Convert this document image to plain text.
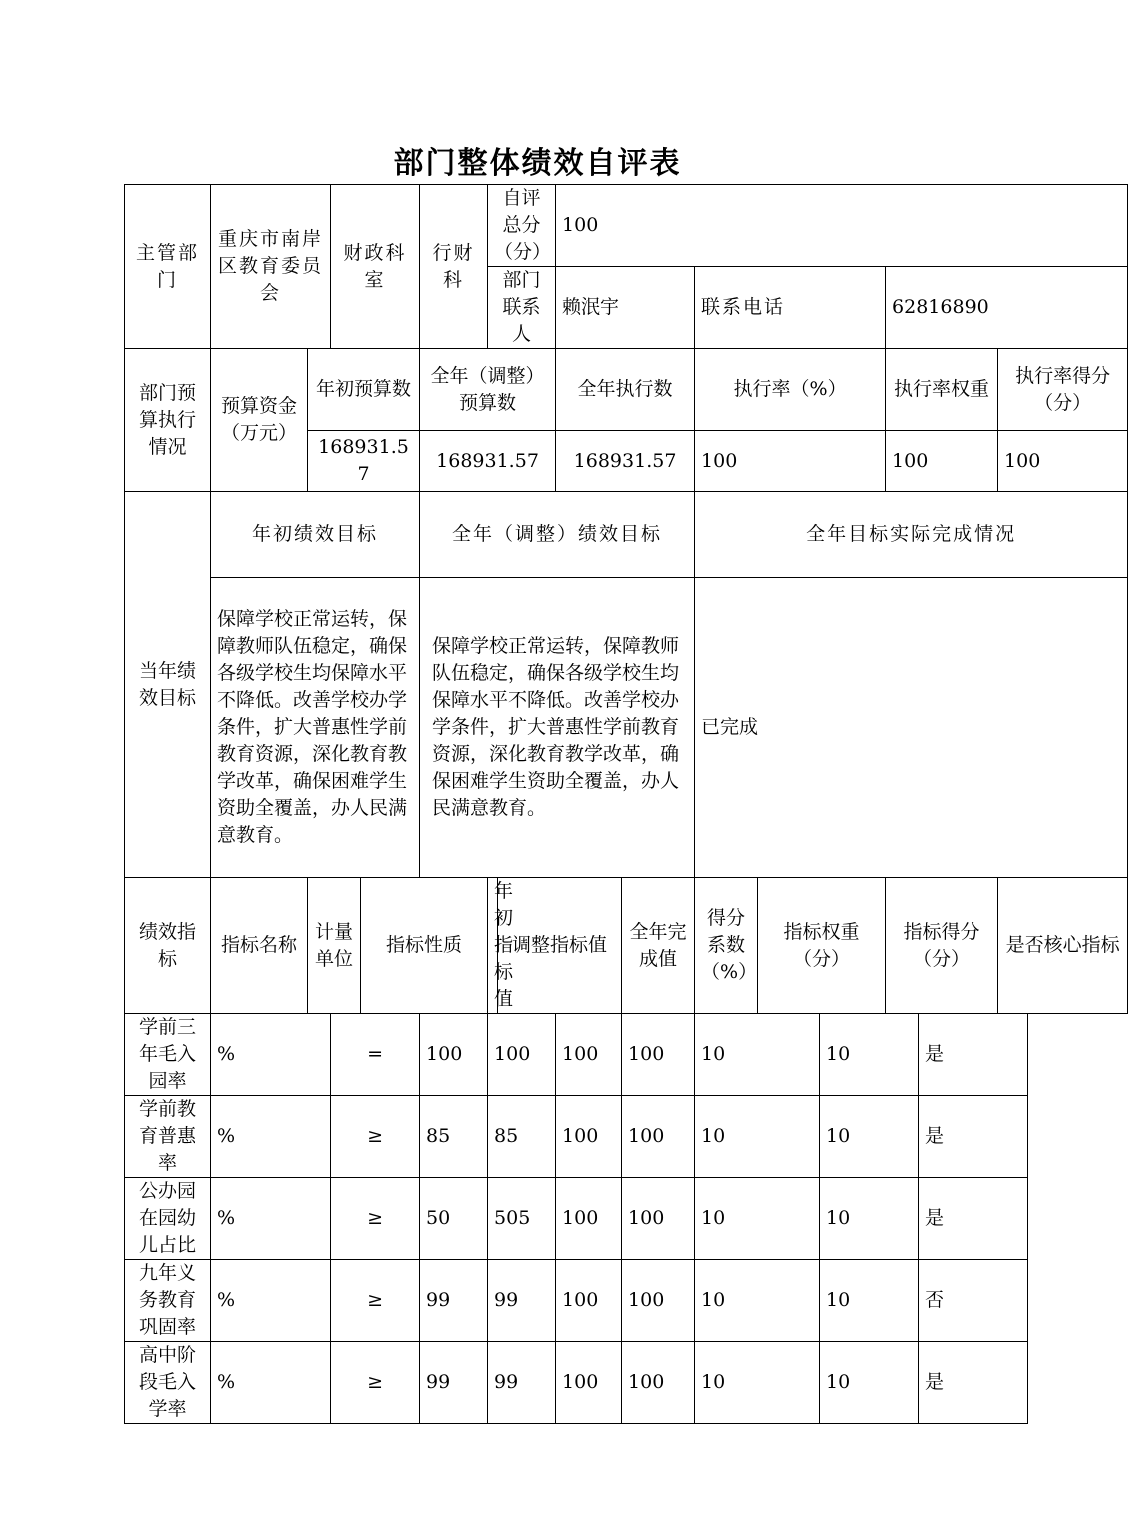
部门整体绩效自评表
主管部门	重庆市南岸区教育委员会		财政科室		行财科	自评总分（分）		100							
						部门联系人		赖泯宇		联系电话			62816890		
部门预算执行情况	预算资金（万元）	年初预算数			全年（调整）预算数			全年执行数		执行率（%）			执行率权重		执行率得分（分）
		168931.57			168931.57			168931.57		100			100		100
当年绩效目标	年初绩效目标				全年（调整）绩效目标					全年目标实际完成情况					
	保障学校正常运转，保障教师队伍稳定，确保各级学校生均保障水平不降低。改善学校办学条件，扩大普惠性学前教育资源，深化教育教学改革，确保困难学生资助全覆盖，办人民满意教育。				保障学校正常运转，保障教师队伍稳定，确保各级学校生均保障水平不降低。改善学校办学条件，扩大普惠性学前教育资源，深化教育教学改革，确保困难学生资助全覆盖，办人民满意教育。					已完成					
绩效指标	指标名称	计量单位		指标性质		年初指标值	调整指标值		全年完成值	得分系数（%）	指标权重（分）		指标得分（分）		是否核心指标
学前三年毛入园率	%		=		100	100		100	100	10		10		是	
学前教育普惠率	%		≥		85	85		100	100	10		10		是	
公办园在园幼儿占比	%		≥		50	505		100	100	10		10		是	
九年义务教育巩固率	%		≥		99	99		100	100	10		10		否	
高中阶段毛入学率	%		≥		99	99		100	100	10		10		是	
